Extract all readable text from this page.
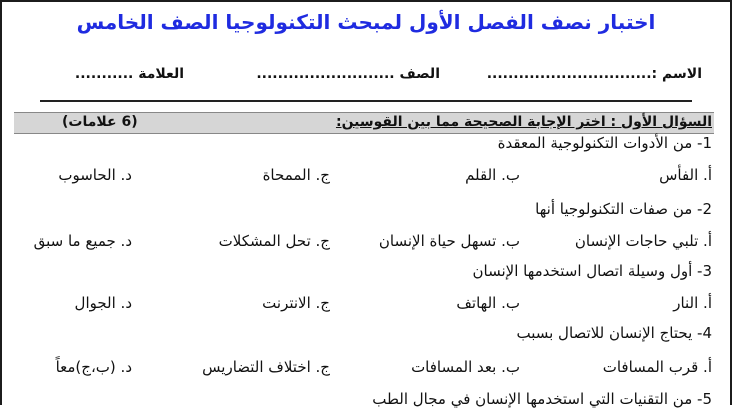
اختبار نصف الفصل الأول لمبحث التكنولوجيا الصف الخامس
الاسم :...............................
الصف ..........................
العلامة ...........
السؤال الأول : اختر الإجابة الصحيحة مما بين القوسين:
(6 علامات)
1- من الأدوات التكنولوجية المعقدة
أ. الفأس
ب. القلم
ج. الممحاة
د. الحاسوب
2- من صفات التكنولوجيا أنها
أ. تلبي حاجات الإنسان
ب. تسهل حياة الإنسان
ج. تحل المشكلات
د. جميع ما سبق
3- أول وسيلة اتصال استخدمها الإنسان
أ. النار
ب. الهاتف
ج. الانترنت
د. الجوال
4- يحتاج الإنسان للاتصال بسبب
أ. قرب المسافات
ب. بعد المسافات
ج. اختلاف التضاريس
د. (ب،ج)معاً
5- من التقنيات التي استخدمها الإنسان في مجال الطب
